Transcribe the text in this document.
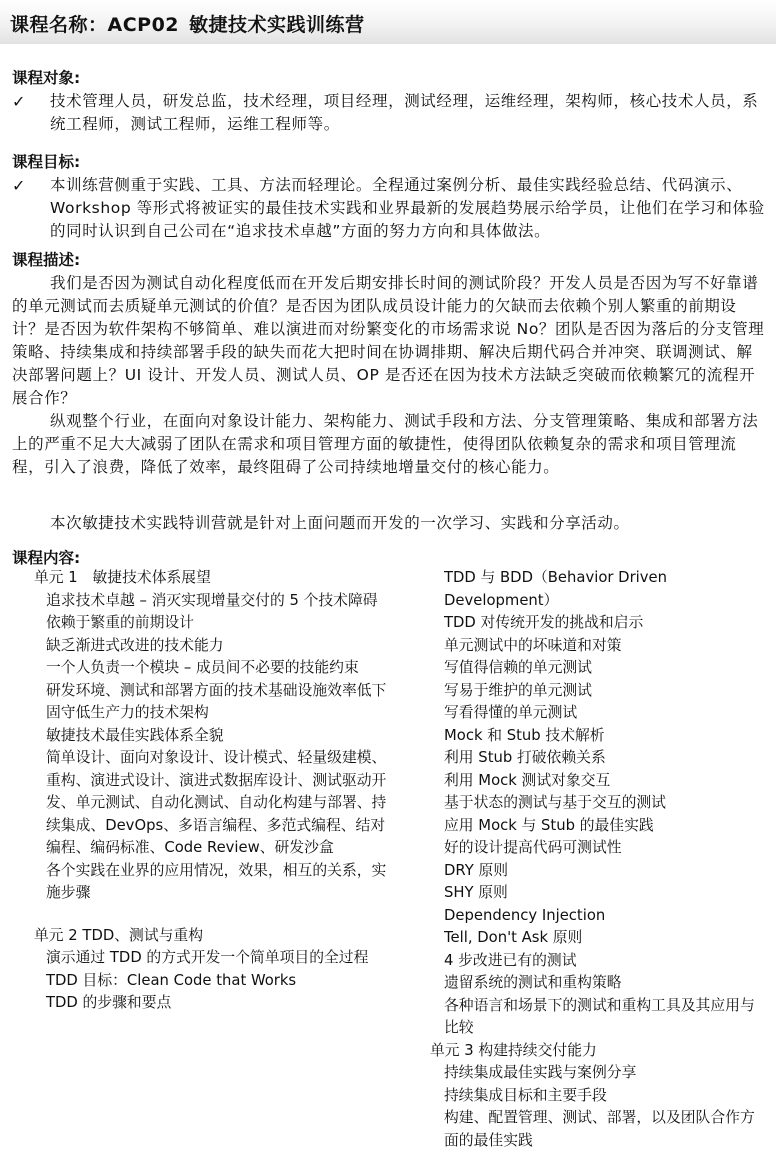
课程名称：ACP02 敏捷技术实践训练营
课程对象:
✓ 技术管理人员，研发总监，技术经理，项目经理，测试经理，运维经理，架构师，核心技术人员，系统工程师，测试工程师，运维工程师等。
课程目标:
✓ 本训练营侧重于实践、工具、方法而轻理论。全程通过案例分析、最佳实践经验总结、代码演示、Workshop 等形式将被证实的最佳技术实践和业界最新的发展趋势展示给学员，让他们在学习和体验的同时认识到自己公司在“追求技术卓越”方面的努力方向和具体做法。
课程描述:
我们是否因为测试自动化程度低而在开发后期安排长时间的测试阶段？开发人员是否因为写不好靠谱的单元测试而去质疑单元测试的价值？是否因为团队成员设计能力的欠缺而去依赖个别人繁重的前期设计？是否因为软件架构不够简单、难以演进而对纷繁变化的市场需求说 No？团队是否因为落后的分支管理策略、持续集成和持续部署手段的缺失而花大把时间在协调排期、解决后期代码合并冲突、联调测试、解决部署问题上？UI 设计、开发人员、测试人员、OP 是否还在因为技术方法缺乏突破而依赖繁冗的流程开展合作？
纵观整个行业，在面向对象设计能力、架构能力、测试手段和方法、分支管理策略、集成和部署方法上的严重不足大大减弱了团队在需求和项目管理方面的敏捷性，使得团队依赖复杂的需求和项目管理流程，引入了浪费，降低了效率，最终阻碍了公司持续地增量交付的核心能力。
本次敏捷技术实践特训营就是针对上面问题而开发的一次学习、实践和分享活动。
课程内容:
单元 1　敏捷技术体系展望
追求技术卓越 – 消灭实现增量交付的 5 个技术障碍
依赖于繁重的前期设计
缺乏渐进式改进的技术能力
一个人负责一个模块 – 成员间不必要的技能约束
研发环境、测试和部署方面的技术基础设施效率低下
固守低生产力的技术架构
敏捷技术最佳实践体系全貌
简单设计、面向对象设计、设计模式、轻量级建模、重构、演进式设计、演进式数据库设计、测试驱动开发、单元测试、自动化测试、自动化构建与部署、持续集成、DevOps、多语言编程、多范式编程、结对编程、编码标准、Code Review、研发沙盒
各个实践在业界的应用情况，效果，相互的关系，实施步骤
单元 2 TDD、测试与重构
演示通过 TDD 的方式开发一个简单项目的全过程
TDD 目标：Clean Code that Works
TDD 的步骤和要点
TDD 与 BDD（Behavior Driven Development）
TDD 对传统开发的挑战和启示
单元测试中的坏味道和对策
写值得信赖的单元测试
写易于维护的单元测试
写看得懂的单元测试
Mock 和 Stub 技术解析
利用 Stub 打破依赖关系
利用 Mock 测试对象交互
基于状态的测试与基于交互的测试
应用 Mock 与 Stub 的最佳实践
好的设计提高代码可测试性
DRY 原则
SHY 原则
Dependency Injection
Tell, Don't Ask 原则
4 步改进已有的测试
遗留系统的测试和重构策略
各种语言和场景下的测试和重构工具及其应用与比较
单元 3 构建持续交付能力
持续集成最佳实践与案例分享
持续集成目标和主要手段
构建、配置管理、测试、部署，以及团队合作方面的最佳实践
